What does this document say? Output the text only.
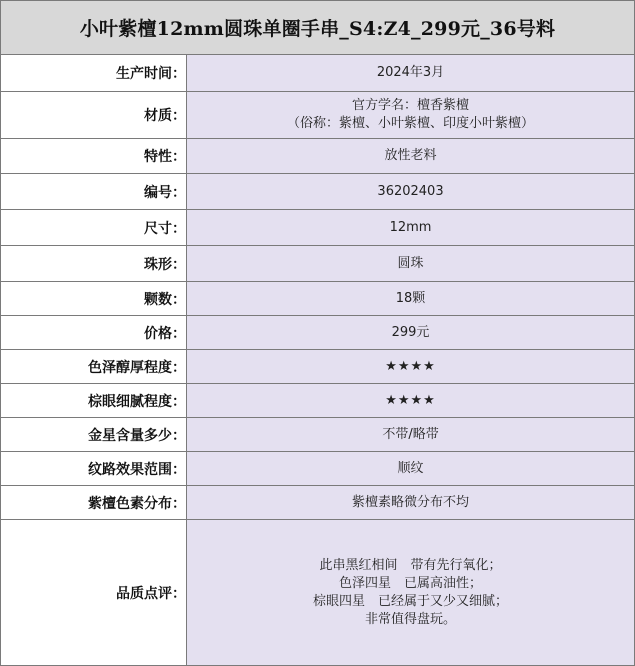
小叶紫檀12mm圆珠单圈手串_S4:Z4_299元_36号料	
生产时间：	2024年3月
材质：	官方学名：檀香紫檀
（俗称：紫檀、小叶紫檀、印度小叶紫檀）

特性：	放性老料
编号：	36202403
尺寸：	12mm
珠形：	圆珠
颗数：	18颗
价格：	299元
色泽醇厚程度：	★★★★
棕眼细腻程度：	★★★★
金星含量多少：	不带/略带
纹路效果范围：	顺纹
紫檀色素分布：	紫檀素略微分布不均
品质点评：	此串黑红相间　带有先行氧化；
色泽四星　已属高油性；
棕眼四星　已经属于又少又细腻；
非常值得盘玩。
